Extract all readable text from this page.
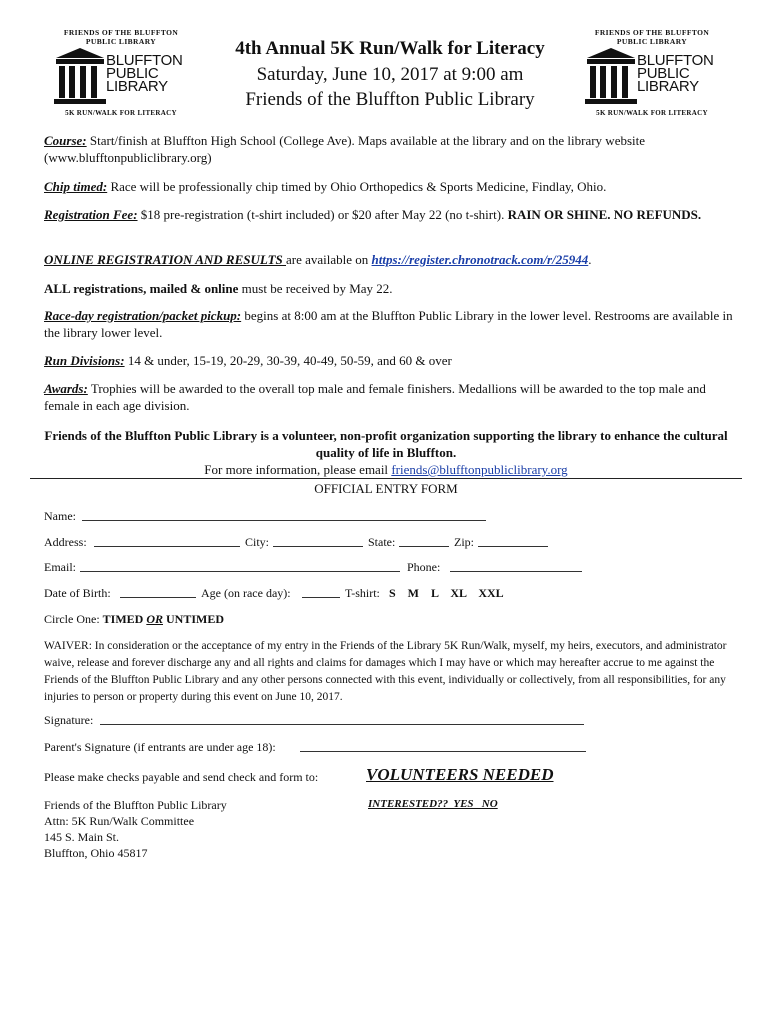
FRIENDS OF THE BLUFFTON
PUBLIC LIBRARY
BLUFFTON
PUBLIC
LIBRARY
5K RUN/WALK FOR LITERACY
FRIENDS OF THE BLUFFTON
PUBLIC LIBRARY
BLUFFTON
PUBLIC
LIBRARY
5K RUN/WALK FOR LITERACY
4th Annual 5K Run/Walk for Literacy
Saturday, June 10, 2017 at 9:00 am
Friends of the Bluffton Public Library
Course: Start/finish at Bluffton High School (College Ave). Maps available at the library and on the library website (www.blufftonpubliclibrary.org)
Chip timed: Race will be professionally chip timed by Ohio Orthopedics & Sports Medicine, Findlay, Ohio.
Registration Fee: $18 pre-registration (t-shirt included) or $20 after May 22 (no t-shirt). RAIN OR SHINE. NO REFUNDS.
ONLINE REGISTRATION AND RESULTS are available on https://register.chronotrack.com/r/25944.
ALL registrations, mailed & online must be received by May 22.
Race-day registration/packet pickup: begins at 8:00 am at the Bluffton Public Library in the lower level. Restrooms are available in the library lower level.
Run Divisions: 14 & under, 15-19, 20-29, 30-39, 40-49, 50-59, and 60 & over
Awards: Trophies will be awarded to the overall top male and female finishers. Medallions will be awarded to the top male and female in each age division.
Friends of the Bluffton Public Library is a volunteer, non-profit organization supporting the library to enhance the cultural quality of life in Bluffton.
For more information, please email friends@blufftonpubliclibrary.org
OFFICIAL ENTRY FORM
Name:
Address:	City:	State:	Zip:
Email:	Phone:
Date of Birth:	Age (on race day):	T-shirt: S    M    L    XL    XXL
Circle One: TIMED OR UNTIMED
WAIVER: In consideration or the acceptance of my entry in the Friends of the Library 5K Run/Walk, myself, my heirs, executors, and administrator waive, release and forever discharge any and all rights and claims for damages which I may have or which may hereafter accrue to me against the Friends of the Bluffton Public Library and any other persons connected with this event, individually or collectively, from all responsibilities, for any injuries to person or property during this event on June 10, 2017.
Signature:
Parent's Signature (if entrants are under age 18):
Please make checks payable and send check and form to:	VOLUNTEERS NEEDED
INTERESTED??  YES   NO
Friends of the Bluffton Public Library
Attn: 5K Run/Walk Committee
145 S. Main St.
Bluffton, Ohio 45817
